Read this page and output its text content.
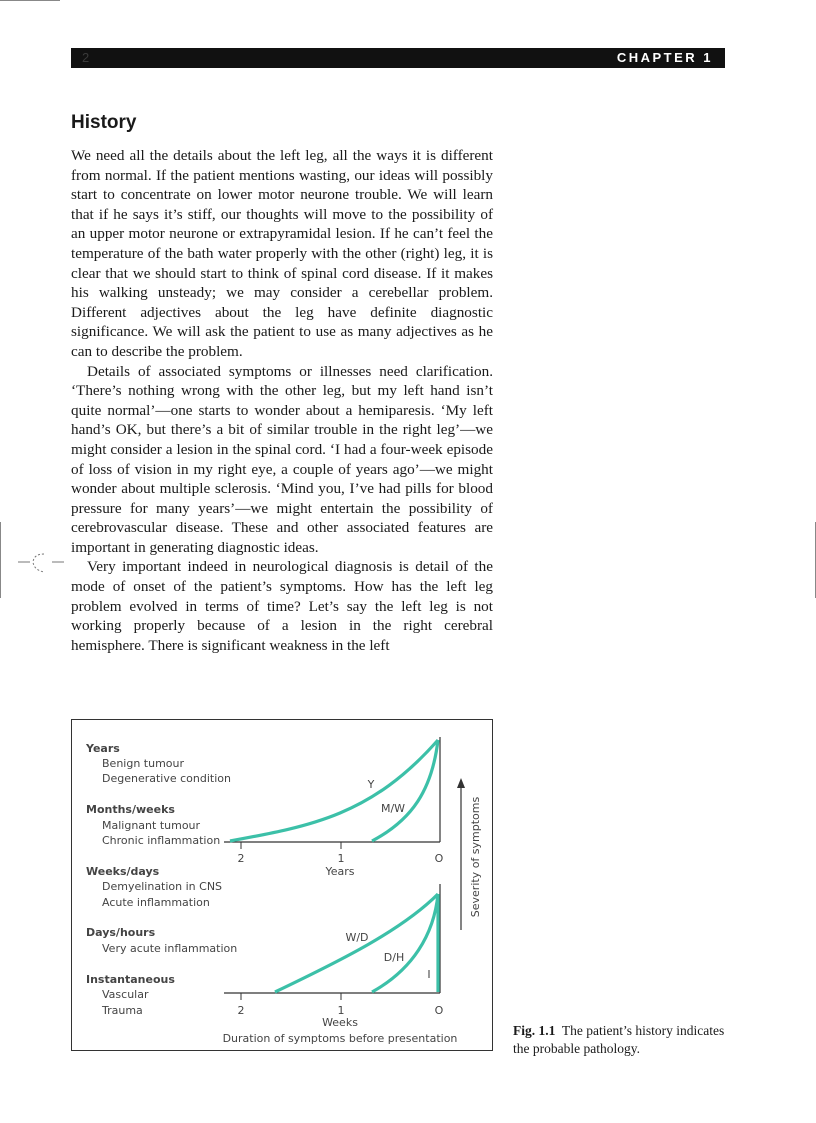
2	CHAPTER 1
History

We need all the details about the left leg, all the ways it is different from normal. If the patient mentions wasting, our ideas will possibly start to concentrate on lower motor neurone trouble. We will learn that if he says it’s stiff, our thoughts will move to the possibility of an upper motor neurone or extrapyramidal lesion. If he can’t feel the temperature of the bath water properly with the other (right) leg, it is clear that we should start to think of spinal cord disease. If it makes his walking unsteady; we may consider a cerebellar problem. Different adjectives about the leg have definite diagnostic significance. We will ask the patient to use as many adjectives as he can to describe the problem.

Details of associated symptoms or illnesses need clarification. ‘There’s nothing wrong with the other leg, but my left hand isn’t quite normal’—one starts to wonder about a hemiparesis. ‘My left hand’s OK, but there’s a bit of similar trouble in the right leg’—we might consider a lesion in the spinal cord. ‘I had a four-week episode of loss of vision in my right eye, a couple of years ago’—we might wonder about multiple sclerosis. ‘Mind you, I’ve had pills for blood pressure for many years’—we might entertain the possibility of cerebrovascular disease. These and other associated features are important in generating diagnostic ideas.

Very important indeed in neurological diagnosis is detail of the mode of onset of the patient’s symptoms. How has the left leg problem evolved in terms of time? Let’s say the left leg is not working properly because of a lesion in the right cerebral hemisphere. There is significant weakness in the left

Years
Benign tumour
Degenerative condition
Months/weeks
Malignant tumour
Chronic inflammation
Weeks/days
Demyelination in CNS
Acute inflammation
Days/hours
Very acute inflammation
Instantaneous
Vascular
Trauma
2	1	O
Years
Y
M/W	Severity of symptoms
2	1	O
Weeks
W/D
D/H
I
Duration of symptoms before presentation
Fig. 1.1 The patient’s history indicates the probable pathology.
